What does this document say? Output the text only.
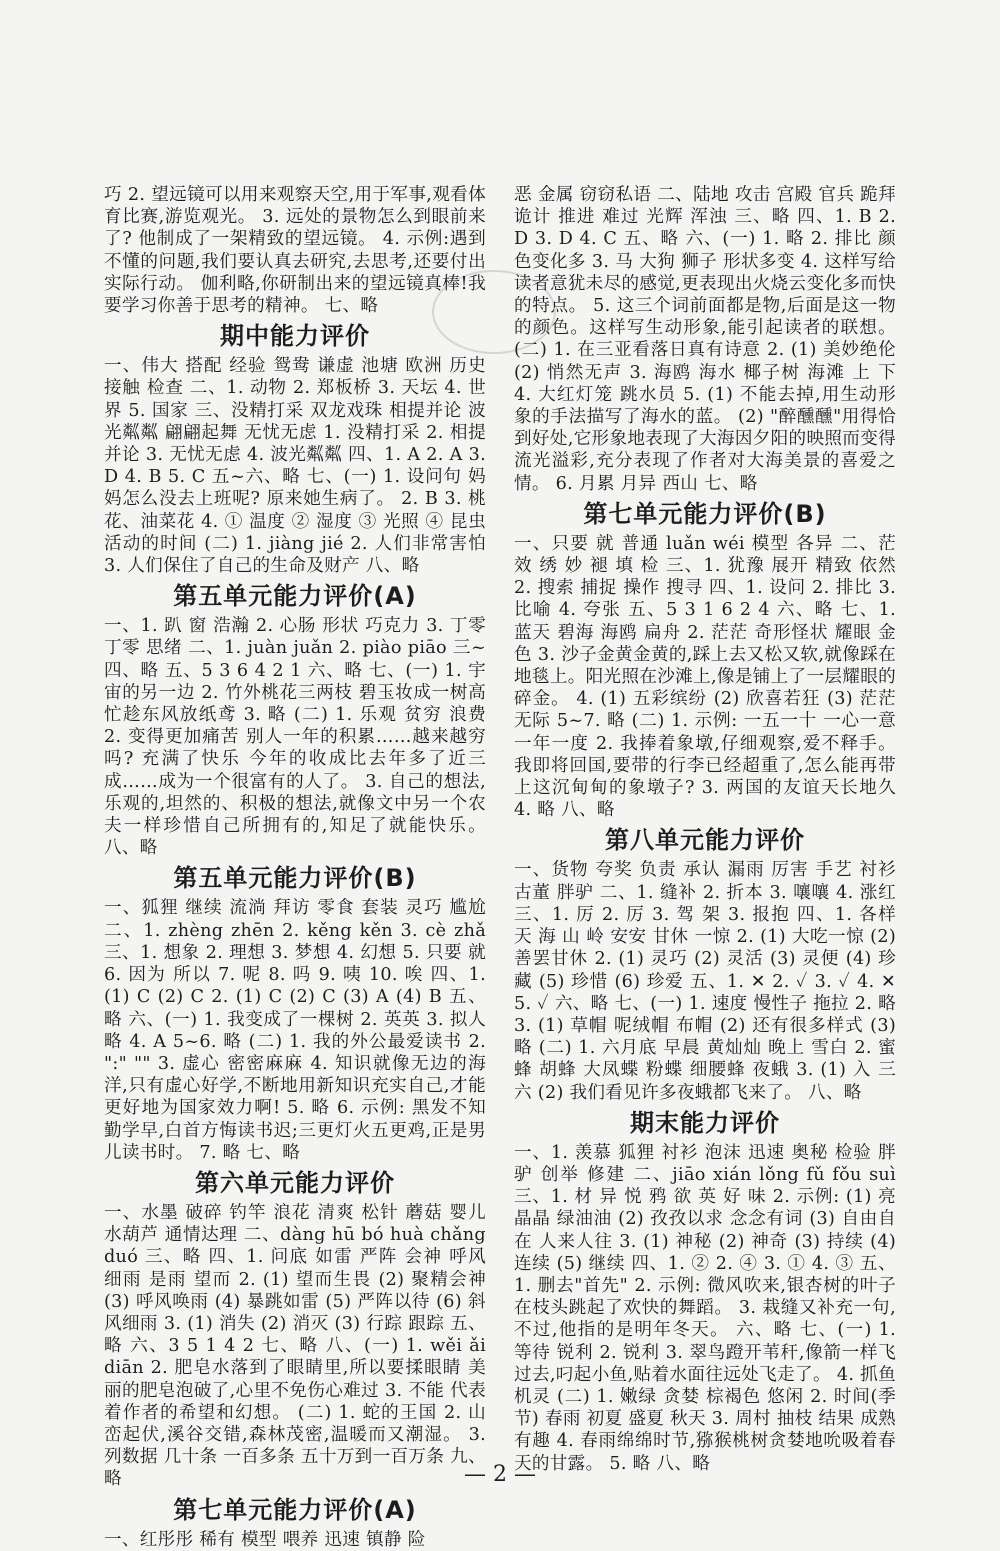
巧 2. 望远镜可以用来观察天空,用于军事,观看体育比赛,游览观光。 3. 远处的景物怎么到眼前来了? 他制成了一架精致的望远镜。 4. 示例:遇到不懂的问题,我们要认真去研究,去思考,还要付出实际行动。 伽利略,你研制出来的望远镜真棒!我要学习你善于思考的精神。 七、略

期中能力评价

一、伟大 搭配 经验 鸳鸯 谦虚 池塘 欧洲 历史 接触 检查 二、1. 动物 2. 郑板桥 3. 天坛 4. 世界 5. 国家 三、没精打采 双龙戏珠 相提并论 波光粼粼 翩翩起舞 无忧无虑 1. 没精打采 2. 相提并论 3. 无忧无虑 4. 波光粼粼 四、1. A 2. A 3. D 4. B 5. C 五~六、略 七、(一) 1. 设问句 妈妈怎么没去上班呢? 原来她生病了。 2. B 3. 桃花、油菜花 4. ① 温度 ② 湿度 ③ 光照 ④ 昆虫活动的时间 (二) 1. jiàng jié 2. 人们非常害怕 3. 人们保住了自己的生命及财产 八、略

第五单元能力评价(A)

一、1. 趴 窗 浩瀚 2. 心肠 形状 巧克力 3. 丁零丁零 思绪 二、1. juàn juǎn 2. piào piāo 三~四、略 五、5 3 6 4 2 1 六、略 七、(一) 1. 宇宙的另一边 2. 竹外桃花三两枝 碧玉妆成一树高 忙趁东风放纸鸢 3. 略 (二) 1. 乐观 贫穷 浪费 2. 变得更加痛苦 别人一年的积累……越来越穷吗? 充满了快乐 今年的收成比去年多了近三成……成为一个很富有的人了。 3. 自己的想法,乐观的,坦然的、积极的想法,就像文中另一个农夫一样珍惜自己所拥有的,知足了就能快乐。 八、略

第五单元能力评价(B)

一、狐狸 继续 流淌 拜访 零食 套装 灵巧 尴尬 二、1. zhèng zhēn 2. kěng kěn 3. cè zhǎ 三、1. 想象 2. 理想 3. 梦想 4. 幻想 5. 只要 就 6. 因为 所以 7. 呢 8. 吗 9. 咦 10. 唉 四、1. (1) C (2) C 2. (1) C (2) C (3) A (4) B 五、略 六、(一) 1. 我变成了一棵树 2. 英英 3. 拟人 略 4. A 5~6. 略 (二) 1. 我的外公最爱读书 2. ":" "" 3. 虚心 密密麻麻 4. 知识就像无边的海洋,只有虚心好学,不断地用新知识充实自己,才能更好地为国家效力啊! 5. 略 6. 示例: 黑发不知勤学早,白首方悔读书迟;三更灯火五更鸡,正是男儿读书时。 7. 略 七、略

第六单元能力评价

一、水墨 破碎 钓竿 浪花 清爽 松针 蘑菇 婴儿 水葫芦 通情达理 二、dàng hū bó huà chǎng duó 三、略 四、1. 问底 如雷 严阵 会神 呼风 细雨 是雨 望而 2. (1) 望而生畏 (2) 聚精会神 (3) 呼风唤雨 (4) 暴跳如雷 (5) 严阵以待 (6) 斜风细雨 3. (1) 消失 (2) 消灭 (3) 行踪 跟踪 五、略 六、3 5 1 4 2 七、略 八、(一) 1. wěi ǎi diān 2. 肥皂水落到了眼睛里,所以要揉眼睛 美丽的肥皂泡破了,心里不免伤心难过 3. 不能 代表着作者的希望和幻想。 (二) 1. 蛇的王国 2. 山峦起伏,溪谷交错,森林茂密,温暖而又潮湿。 3. 列数据 几十条 一百多条 五十万到一百万条 九、略

第七单元能力评价(A)

一、红彤彤 稀有 模型 喂养 迅速 镇静 险

恶 金属 窃窃私语 二、陆地 攻击 宫殿 官兵 跪拜 诡计 推进 难过 光辉 浑浊 三、略 四、1. B 2. D 3. D 4. C 五、略 六、(一) 1. 略 2. 排比 颜色变化多 3. 马 大狗 狮子 形状多变 4. 这样写给读者意犹未尽的感觉,更表现出火烧云变化多而快的特点。 5. 这三个词前面都是物,后面是这一物的颜色。这样写生动形象,能引起读者的联想。 (二) 1. 在三亚看落日真有诗意 2. (1) 美妙绝伦 (2) 悄然无声 3. 海鸥 海水 椰子树 海滩 上 下 4. 大红灯笼 跳水员 5. (1) 不能去掉,用生动形象的手法描写了海水的蓝。 (2) "醉醺醺"用得恰到好处,它形象地表现了大海因夕阳的映照而变得流光溢彩,充分表现了作者对大海美景的喜爱之情。 6. 月累 月异 西山 七、略

第七单元能力评价(B)

一、只要 就 普通 luǎn wéi 模型 各异 二、茫 效 绣 妙 褪 填 检 三、1. 犹豫 展开 精致 依然 2. 搜索 捕捉 操作 搜寻 四、1. 设问 2. 排比 3. 比喻 4. 夸张 五、5 3 1 6 2 4 六、略 七、1. 蓝天 碧海 海鸥 扁舟 2. 茫茫 奇形怪状 耀眼 金色 3. 沙子金黄金黄的,踩上去又松又软,就像踩在地毯上。阳光照在沙滩上,像是铺上了一层耀眼的碎金。 4. (1) 五彩缤纷 (2) 欣喜若狂 (3) 茫茫无际 5~7. 略 (二) 1. 示例: 一五一十 一心一意 一年一度 2. 我捧着象墩,仔细观察,爱不释手。 我即将回国,要带的行李已经超重了,怎么能再带上这沉甸甸的象墩子? 3. 两国的友谊天长地久 4. 略 八、略

第八单元能力评价

一、货物 夸奖 负责 承认 漏雨 厉害 手艺 衬衫 古董 胖驴 二、1. 缝补 2. 折本 3. 嚷嚷 4. 涨红 三、1. 厉 2. 厉 3. 驾 架 3. 报抱 四、1. 各样 天 海 山 岭 安安 甘休 一惊 2. (1) 大吃一惊 (2) 善罢甘休 2. (1) 灵巧 (2) 灵活 (3) 灵便 (4) 珍藏 (5) 珍惜 (6) 珍爱 五、1. ✕ 2. ✓ 3. ✓ 4. ✕ 5. ✓ 六、略 七、(一) 1. 速度 慢性子 拖拉 2. 略 3. (1) 草帽 呢绒帽 布帽 (2) 还有很多样式 (3) 略 (二) 1. 六月底 早晨 黄灿灿 晚上 雪白 2. 蜜蜂 胡蜂 大凤蝶 粉蝶 细腰蜂 夜蛾 3. (1) 入 三 六 (2) 我们看见许多夜蛾都飞来了。 八、略

期末能力评价

一、1. 羡慕 狐狸 衬衫 泡沫 迅速 奥秘 检验 胖驴 创举 修建 二、jiāo xián lǒng fǔ fǒu suì 三、1. 材 异 悦 鸦 欲 英 好 味 2. 示例: (1) 亮晶晶 绿油油 (2) 孜孜以求 念念有词 (3) 自由自在 人来人往 3. (1) 神秘 (2) 神奇 (3) 持续 (4) 连续 (5) 继续 四、1. ② 2. ④ 3. ① 4. ③ 五、1. 删去"首先" 2. 示例: 微风吹来,银杏树的叶子在枝头跳起了欢快的舞蹈。 3. 栽缝又补充一句,不过,他指的是明年冬天。 六、略 七、(一) 1. 等待 锐利 2. 锐利 3. 翠鸟蹬开苇秆,像箭一样飞过去,叼起小鱼,贴着水面往远处飞走了。 4. 抓鱼 机灵 (二) 1. 嫩绿 贪婪 棕褐色 悠闲 2. 时间(季节) 春雨 初夏 盛夏 秋天 3. 周村 抽枝 结果 成熟 有趣 4. 春雨绵绵时节,猕猴桃树贪婪地吮吸着春天的甘露。 5. 略 八、略

— 2 —
